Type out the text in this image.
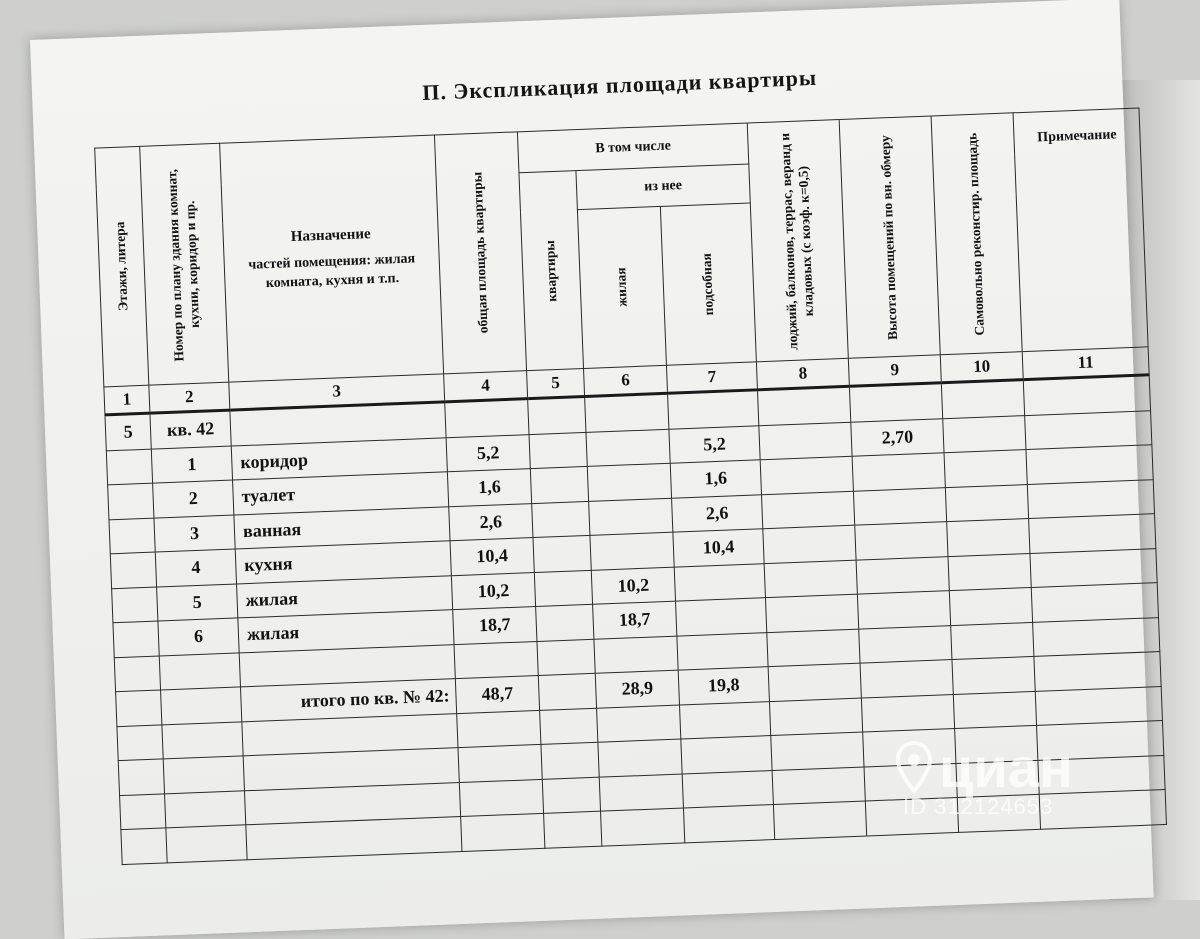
П. Экспликация площади квартиры
Этажи, литера	Номер по плану здания комнат, кухни, коридор и пр.	Назначение
частей помещения: жилая комната, кухня и т.п.	общая площадь квартиры	В том числе			лоджий, балконов, террас, веранд и кладовых (с коэф. к=0,5)	Высота помещений по вн. обмеру	Самовольно реконстир. площадь	Примечание

				квартиры	из нее					

					жилая	подсобная				

1	2	3	4	5	6	7	8	9	10	11
5	кв. 42									
	1	коридор	5,2			5,2		2,70		
	2	туалет	1,6			1,6				
	3	ванная	2,6			2,6				
	4	кухня	10,4			10,4				
	5	жилая	10,2		10,2					
	6	жилая	18,7		18,7					

		итого по кв. № 42:	48,7		28,9	19,8				

циан
ID 312124653
